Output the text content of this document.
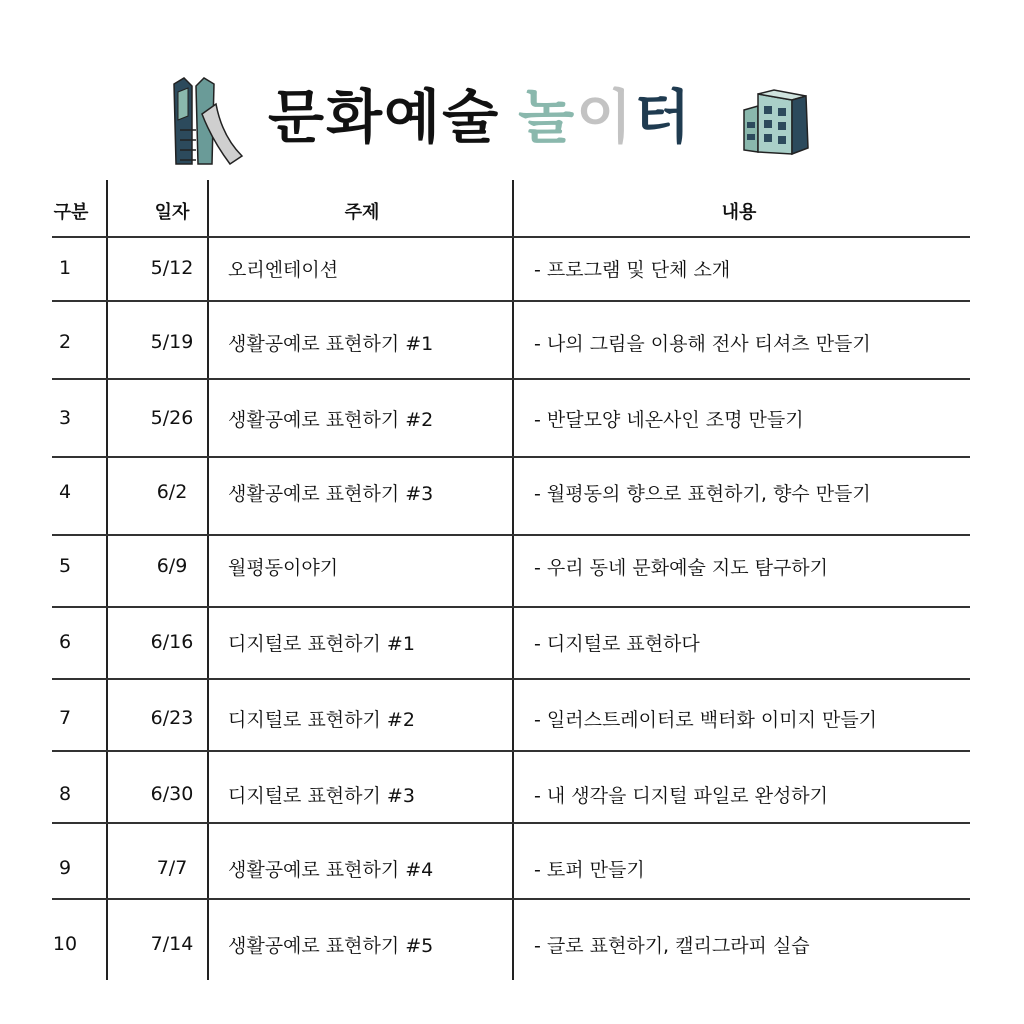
문화예술 놀이터
구분	일자	주제	내용
1	5/12	오리엔테이션	- 프로그램 및 단체 소개
2	5/19	생활공예로 표현하기 #1	- 나의 그림을 이용해 전사 티셔츠 만들기
3	5/26	생활공예로 표현하기 #2	- 반달모양 네온사인 조명 만들기
4	6/2	생활공예로 표현하기 #3	- 월평동의 향으로 표현하기, 향수 만들기
5	6/9	월평동이야기	- 우리 동네 문화예술 지도 탐구하기
6	6/16	디지털로 표현하기 #1	- 디지털로 표현하다
7	6/23	디지털로 표현하기 #2	- 일러스트레이터로 백터화 이미지 만들기
8	6/30	디지털로 표현하기 #3	- 내 생각을 디지털 파일로 완성하기
9	7/7	생활공예로 표현하기 #4	- 토퍼 만들기
10	7/14	생활공예로 표현하기 #5	- 글로 표현하기, 캘리그라피 실습
